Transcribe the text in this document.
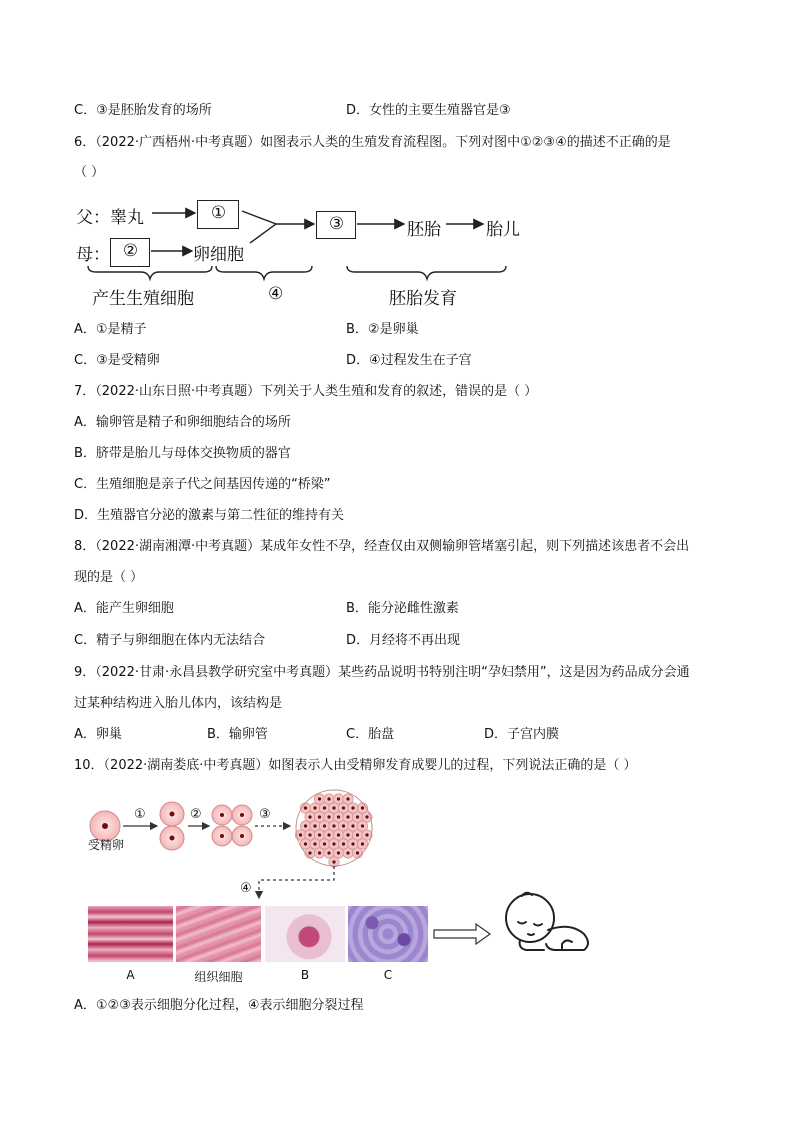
C．③是胚胎发育的场所	D．女性的主要生殖器官是③
6．（2022·广西梧州·中考真题）如图表示人类的生殖发育流程图。下列对图中①②③④的描述不正确的是
（ ）
父：睾丸
母：
①
②	卵细胞
③	胚胎	胎儿
产生生殖细胞	④	胚胎发育
A．①是精子	B．②是卵巢
C．③是受精卵	D．④过程发生在子宫
7．（2022·山东日照·中考真题）下列关于人类生殖和发育的叙述，错误的是（ ）
A．输卵管是精子和卵细胞结合的场所
B．脐带是胎儿与母体交换物质的器官
C．生殖细胞是亲子代之间基因传递的“桥梁”
D．生殖器官分泌的激素与第二性征的维持有关
8．（2022·湖南湘潭·中考真题）某成年女性不孕，经查仅由双侧输卵管堵塞引起，则下列描述该患者不会出
现的是（ ）
A．能产生卵细胞	B．能分泌雌性激素
C．精子与卵细胞在体内无法结合	D．月经将不再出现
9．（2022·甘肃·永昌县教学研究室中考真题）某些药品说明书特别注明“孕妇禁用”，这是因为药品成分会通
过某种结构进入胎儿体内，该结构是
A．卵巢	B．输卵管	C．胎盘	D．子宫内膜
10．（2022·湖南娄底·中考真题）如图表示人由受精卵发育成婴儿的过程，下列说法正确的是（ ）
①	②	③
④
受精卵
A	组织细胞	B	C
A．①②③表示细胞分化过程，④表示细胞分裂过程
